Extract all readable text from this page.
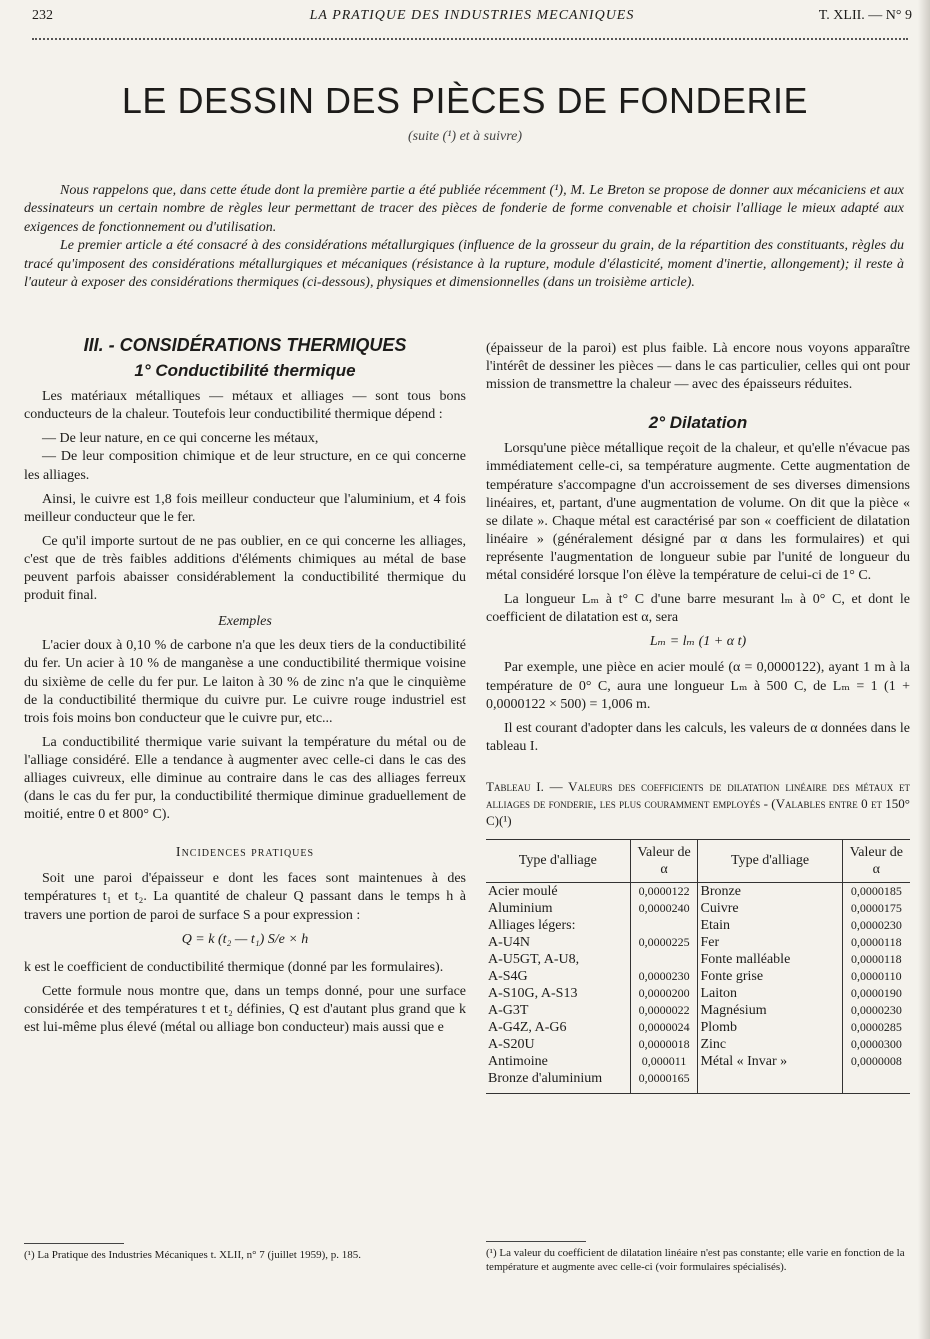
232	LA PRATIQUE DES INDUSTRIES MECANIQUES	T. XLII. — N° 9
LE DESSIN DES PIÈCES DE FONDERIE
(suite (¹) et à suivre)

Nous rappelons que, dans cette étude dont la première partie a été publiée récemment (¹), M. Le Breton se propose de donner aux mécaniciens et aux dessinateurs un certain nombre de règles leur permettant de tracer des pièces de fonderie de forme convenable et choisir l'alliage le mieux adapté aux exigences de fonctionnement ou d'utilisation.

Le premier article a été consacré à des considérations métallurgiques (influence de la grosseur du grain, de la répartition des constituants, règles du tracé qu'imposent des considérations métallurgiques et mécaniques (résistance à la rupture, module d'élasticité, moment d'inertie, allongement); il reste à l'auteur à exposer des considérations thermiques (ci-dessous), physiques et dimensionnelles (dans un troisième article).

III. - CONSIDÉRATIONS THERMIQUES
1° Conductibilité thermique

Les matériaux métalliques — métaux et alliages — sont tous bons conducteurs de la chaleur. Toutefois leur conductibilité thermique dépend :

— De leur nature, en ce qui concerne les métaux,

— De leur composition chimique et de leur structure, en ce qui concerne les alliages.

Ainsi, le cuivre est 1,8 fois meilleur conducteur que l'aluminium, et 4 fois meilleur conducteur que le fer.

Ce qu'il importe surtout de ne pas oublier, en ce qui concerne les alliages, c'est que de très faibles additions d'éléments chimiques au métal de base peuvent parfois abaisser considérablement la conductibilité thermique du produit final.

Exemples

L'acier doux à 0,10 % de carbone n'a que les deux tiers de la conductibilité du fer. Un acier à 10 % de manganèse a une conductibilité thermique voisine du sixième de celle du fer pur. Le laiton à 30 % de zinc n'a que le cinquième de la conductibilité thermique du cuivre pur. Le cuivre rouge industriel est trois fois moins bon conducteur que le cuivre pur, etc...

La conductibilité thermique varie suivant la température du métal ou de l'alliage considéré. Elle a tendance à augmenter avec celle-ci dans le cas des alliages cuivreux, elle diminue au contraire dans le cas des alliages ferreux (dans le cas du fer pur, la conductibilité thermique diminue graduellement de moitié, entre 0 et 800° C).

Incidences pratiques

Soit une paroi d'épaisseur e dont les faces sont maintenues à des températures t₁ et t₂. La quantité de chaleur Q passant dans le temps h à travers une portion de paroi de surface S a pour expression :

Q = k (t₂ — t₁) S/e × h

k est le coefficient de conductibilité thermique (donné par les formulaires).

Cette formule nous montre que, dans un temps donné, pour une surface considérée et des températures t et t₂ définies, Q est d'autant plus grand que k est lui-même plus élevé (métal ou alliage bon conducteur) mais aussi que e

(épaisseur de la paroi) est plus faible. Là encore nous voyons apparaître l'intérêt de dessiner les pièces — dans le cas particulier, celles qui ont pour mission de transmettre la chaleur — avec des épaisseurs réduites.

2° Dilatation

Lorsqu'une pièce métallique reçoit de la chaleur, et qu'elle n'évacue pas immédiatement celle-ci, sa température augmente. Cette augmentation de température s'accompagne d'un accroissement de ses diverses dimensions linéaires, et, partant, d'une augmentation de volume. On dit que la pièce « se dilate ». Chaque métal est caractérisé par son « coefficient de dilatation linéaire » (généralement désigné par α dans les formulaires) et qui représente l'augmentation de longueur subie par l'unité de longueur du métal considéré lorsque l'on élève la température de celui-ci de 1° C.

La longueur Lₘ à t° C d'une barre mesurant lₘ à 0° C, et dont le coefficient de dilatation est α, sera

Lₘ = lₘ (1 + α t)

Par exemple, une pièce en acier moulé (α = 0,0000122), ayant 1 m à la température de 0° C, aura une longueur Lₘ à 500 C, de Lₘ = 1 (1 + 0,0000122 × 500) = 1,006 m.

Il est courant d'adopter dans les calculs, les valeurs de α données dans le tableau I.

Tableau I. — Valeurs des coefficients de dilatation linéaire des métaux et alliages de fonderie, les plus couramment employés - (Valables entre 0 et 150° C)(¹)
Type d'alliage	Valeur de α	Type d'alliage	Valeur de α
Acier moulé	0,0000122	Bronze	0,0000185
Aluminium	0,0000240	Cuivre	0,0000175
Alliages légers:		Etain	0,0000230
A-U4N	0,0000225	Fer	0,0000118
A-U5GT, A-U8,		Fonte malléable	0,0000118
A-S4G	0,0000230	Fonte grise	0,0000110
A-S10G, A-S13	0,0000200	Laiton	0,0000190
A-G3T	0,0000022	Magnésium	0,0000230
A-G4Z, A-G6	0,0000024	Plomb	0,0000285
A-S20U	0,0000018	Zinc	0,0000300
Antimoine	0,000011	Métal « Invar »	0,0000008
Bronze d'aluminium	0,0000165		
(¹) La Pratique des Industries Mécaniques t. XLII, n° 7 (juillet 1959), p. 185.	(¹) La valeur du coefficient de dilatation linéaire n'est pas constante; elle varie en fonction de la température et augmente avec celle-ci (voir formulaires spécialisés).
